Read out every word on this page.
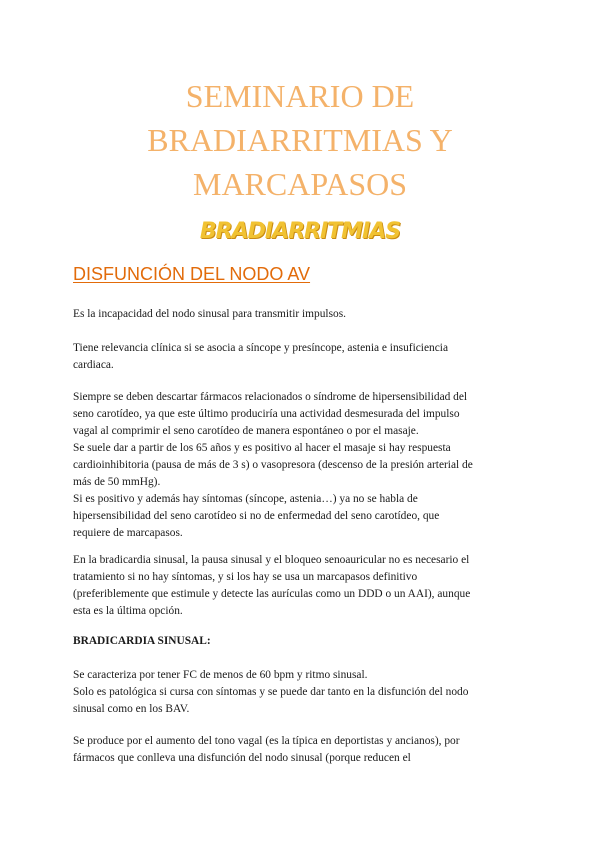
SEMINARIO DE
BRADIARRITMIAS Y
MARCAPASOS
BRADIARRITMIAS
DISFUNCIÓN DEL NODO AV

Es la incapacidad del nodo sinusal para transmitir impulsos.

Tiene relevancia clínica si se asocia a síncope y presíncope, astenia e insuficiencia
cardiaca.

Siempre se deben descartar fármacos relacionados o síndrome de hipersensibilidad del
seno carotídeo, ya que este último produciría una actividad desmesurada del impulso
vagal al comprimir el seno carotídeo de manera espontáneo o por el masaje.
Se suele dar a partir de los 65 años y es positivo al hacer el masaje si hay respuesta
cardioinhibitoria (pausa de más de 3 s) o vasopresora (descenso de la presión arterial de
más de 50 mmHg).
Si es positivo y además hay síntomas (síncope, astenia…) ya no se habla de
hipersensibilidad del seno carotídeo si no de enfermedad del seno carotídeo, que
requiere de marcapasos.

En la bradicardia sinusal, la pausa sinusal y el bloqueo senoauricular no es necesario el
tratamiento si no hay síntomas, y si los hay se usa un marcapasos definitivo
(preferiblemente que estimule y detecte las aurículas como un DDD o un AAI), aunque
esta es la última opción.

BRADICARDIA SINUSAL:

Se caracteriza por tener FC de menos de 60 bpm y ritmo sinusal.
Solo es patológica si cursa con síntomas y se puede dar tanto en la disfunción del nodo
sinusal como en los BAV.

Se produce por el aumento del tono vagal (es la típica en deportistas y ancianos), por
fármacos que conlleva una disfunción del nodo sinusal (porque reducen el
